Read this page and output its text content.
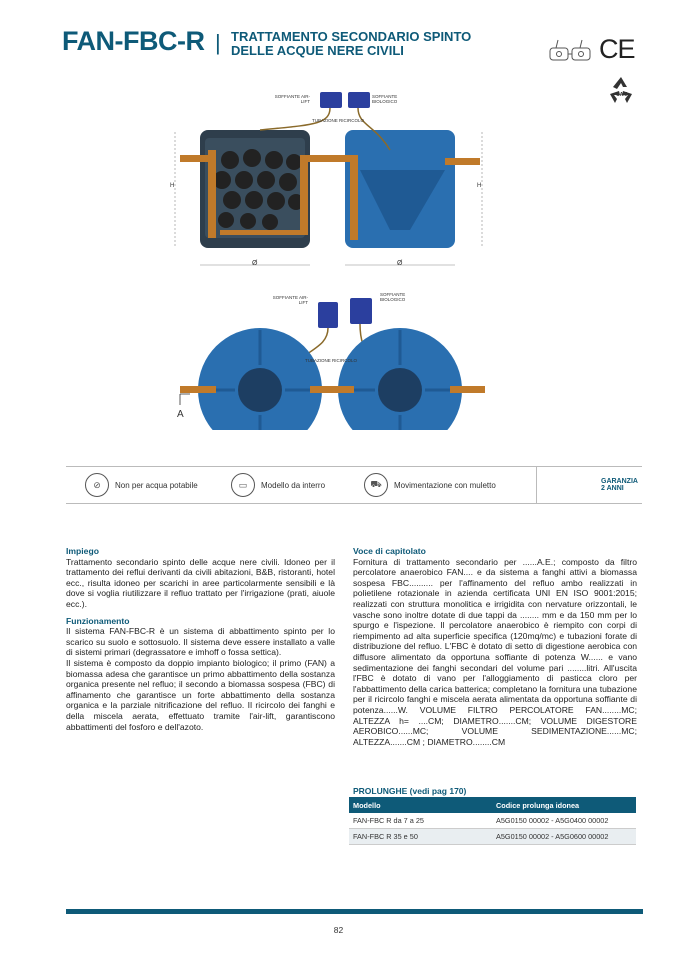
FAN-FBC-R | TRATTAMENTO SECONDARIO SPINTO
DELLE ACQUE NERE CIVILI	CE
CAM
SOFFIANTE AIR-LIFT
SOFFIANTE BIOLOGICO
TUBAZIONE RICIRCOLO
H	H
Ø	Ø
SOFFIANTE AIR-LIFT
SOFFIANTE BIOLOGICO
TUBAZIONE RICIRCOLO
A
⊘	Non per acqua potabile	▭	Modello da interro	⛟	Movimentazione con muletto	GARANZIA 2 ANNI
Impiego
Trattamento secondario spinto delle acque nere civili. Idoneo per il trattamento dei reflui derivanti da civili abitazioni, B&B, ristoranti, hotel ecc., risulta idoneo per scarichi in aree particolarmente sensibili e là dove si voglia riutilizzare il refluo trattato per l'irrigazione (prati, aiuole ecc.).
Funzionamento
Il sistema FAN-FBC-R è un sistema di abbattimento spinto per lo scarico su suolo e sottosuolo. Il sistema deve essere installato a valle di sistemi primari (degrassatore e imhoff o fossa settica).
Il sistema è composto da doppio impianto biologico; il primo (FAN) a biomassa adesa che garantisce un primo abbattimento della sostanza organica presente nel refluo; il secondo a biomassa sospesa (FBC) di affinamento che garantisce un forte abbattimento della sostanza organica e la parziale nitrificazione del refluo. Il ricircolo dei fanghi e della miscela aerata, effettuato tramite l'air-lift, garantiscono abbattimenti del fosforo e dell'azoto.
Voce di capitolato
Fornitura di trattamento secondario per ......A.E.; composto da filtro percolatore anaerobico FAN.... e da sistema a fanghi attivi a biomassa sospesa FBC.......... per l'affinamento del refluo ambo realizzati in polietilene rotazionale in azienda certificata UNI EN ISO 9001:2015; realizzati con struttura monolitica e irrigidita con nervature orizzontali, le vasche sono inoltre dotate di due tappi da ........ mm e da 150 mm per lo spurgo e l'ispezione. Il percolatore anaerobico è riempito con corpi di riempimento ad alta superficie specifica (120mq/mc) e tubazioni forate di distribuzione del refluo. L'FBC è dotato di setto di digestione aerobica con diffusore alimentato da opportuna soffiante di potenza W...... e vano sedimentazione dei fanghi secondari del volume pari ........litri. All'uscita l'FBC è dotato di vano per l'alloggiamento di pasticca cloro per l'abbattimento della carica batterica; completano la fornitura una tubazione per il ricircolo fanghi e miscela aerata alimentata da opportuna soffiante di potenza......W. VOLUME FILTRO PERCOLATORE FAN........MC; ALTEZZA h= ....CM; DIAMETRO.......CM; VOLUME DIGESTORE AEROBICO......MC; VOLUME SEDIMENTAZIONE......MC; ALTEZZA.......CM ; DIAMETRO........CM
PROLUNGHE (vedi pag 170)
Modello	Codice prolunga idonea
FAN-FBC R da 7 a 25	A5G0150 00002 - A5G0400 00002
FAN-FBC R 35 e 50	A5G0150 00002 - A5G0600 00002
82
